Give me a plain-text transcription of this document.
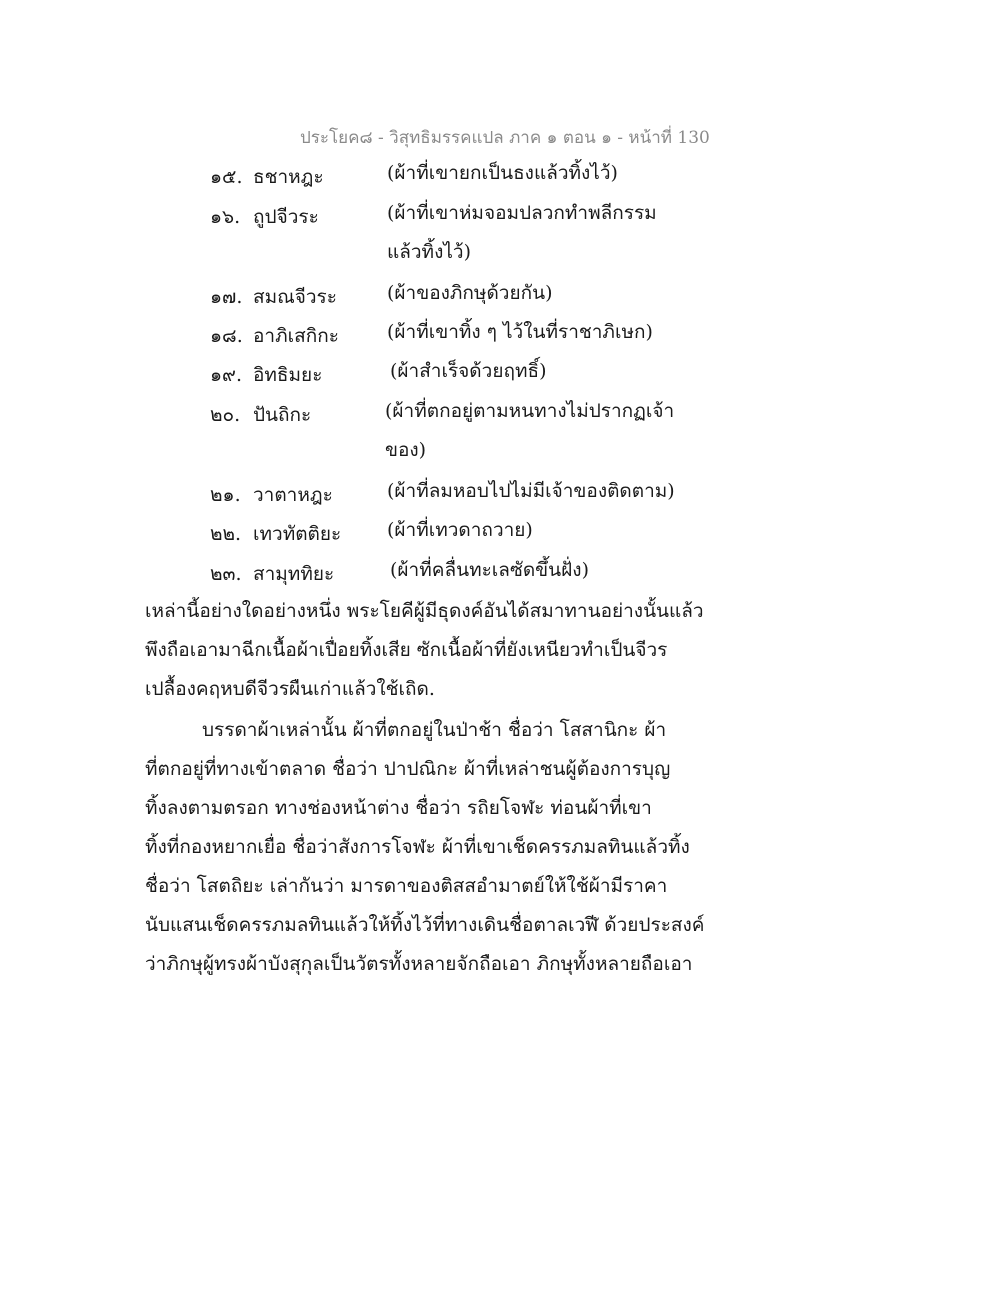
ประโยค๘ - วิสุทธิมรรคแปล ภาค ๑ ตอน ๑ - หน้าที่ 130
๑๕. ธชาหฎะ	(ผ้าที่เขายกเป็นธงแล้วทิ้งไว้)
๑๖. ถูปจีวระ	(ผ้าที่เขาห่มจอมปลวกทำพลีกรรม แล้วทิ้งไว้)
๑๗. สมณจีวระ	(ผ้าของภิกษุด้วยกัน)
๑๘. อาภิเสกิกะ	(ผ้าที่เขาทิ้ง ๆ ไว้ในที่ราชาภิเษก)
๑๙. อิทธิมยะ	(ผ้าสำเร็จด้วยฤทธิ์)
๒๐. ปันถิกะ	(ผ้าที่ตกอยู่ตามหนทางไม่ปรากฏเจ้า ของ)
๒๑. วาตาหฎะ	(ผ้าที่ลมหอบไปไม่มีเจ้าของติดตาม)
๒๒. เทวทัตติยะ (ผ้าที่เทวดาถวาย)
๒๓. สามุททิยะ	(ผ้าที่คลื่นทะเลซัดขึ้นฝั่ง)
เหล่านี้อย่างใดอย่างหนึ่ง พระโยคีผู้มีธุดงค์อันได้สมาทานอย่างนั้นแล้ว
พึงถือเอามาฉีกเนื้อผ้าเปื่อยทิ้งเสีย ซักเนื้อผ้าที่ยังเหนียวทำเป็นจีวร
เปลื้องคฤหบดีจีวรผืนเก่าแล้วใช้เถิด.
บรรดาผ้าเหล่านั้น ผ้าที่ตกอยู่ในป่าช้า ชื่อว่า โสสานิกะ ผ้า
ที่ตกอยู่ที่ทางเข้าตลาด ชื่อว่า ปาปณิกะ ผ้าที่เหล่าชนผู้ต้องการบุญ
ทิ้งลงตามตรอก ทางช่องหน้าต่าง ชื่อว่า รถิยโจฬะ ท่อนผ้าที่เขา
ทิ้งที่กองหยากเยื่อ ชื่อว่าสังการโจฬะ ผ้าที่เขาเช็ดครรภมลทินแล้วทิ้ง
ชื่อว่า โสตถิยะ เล่ากันว่า มารดาของติสสอำมาตย์ให้ใช้ผ้ามีราคา
นับแสนเช็ดครรภมลทินแล้วให้ทิ้งไว้ที่ทางเดินชื่อตาลเวฬี ด้วยประสงค์
ว่าภิกษุผู้ทรงผ้าบังสุกุลเป็นวัตรทั้งหลายจักถือเอา ภิกษุทั้งหลายถือเอา
